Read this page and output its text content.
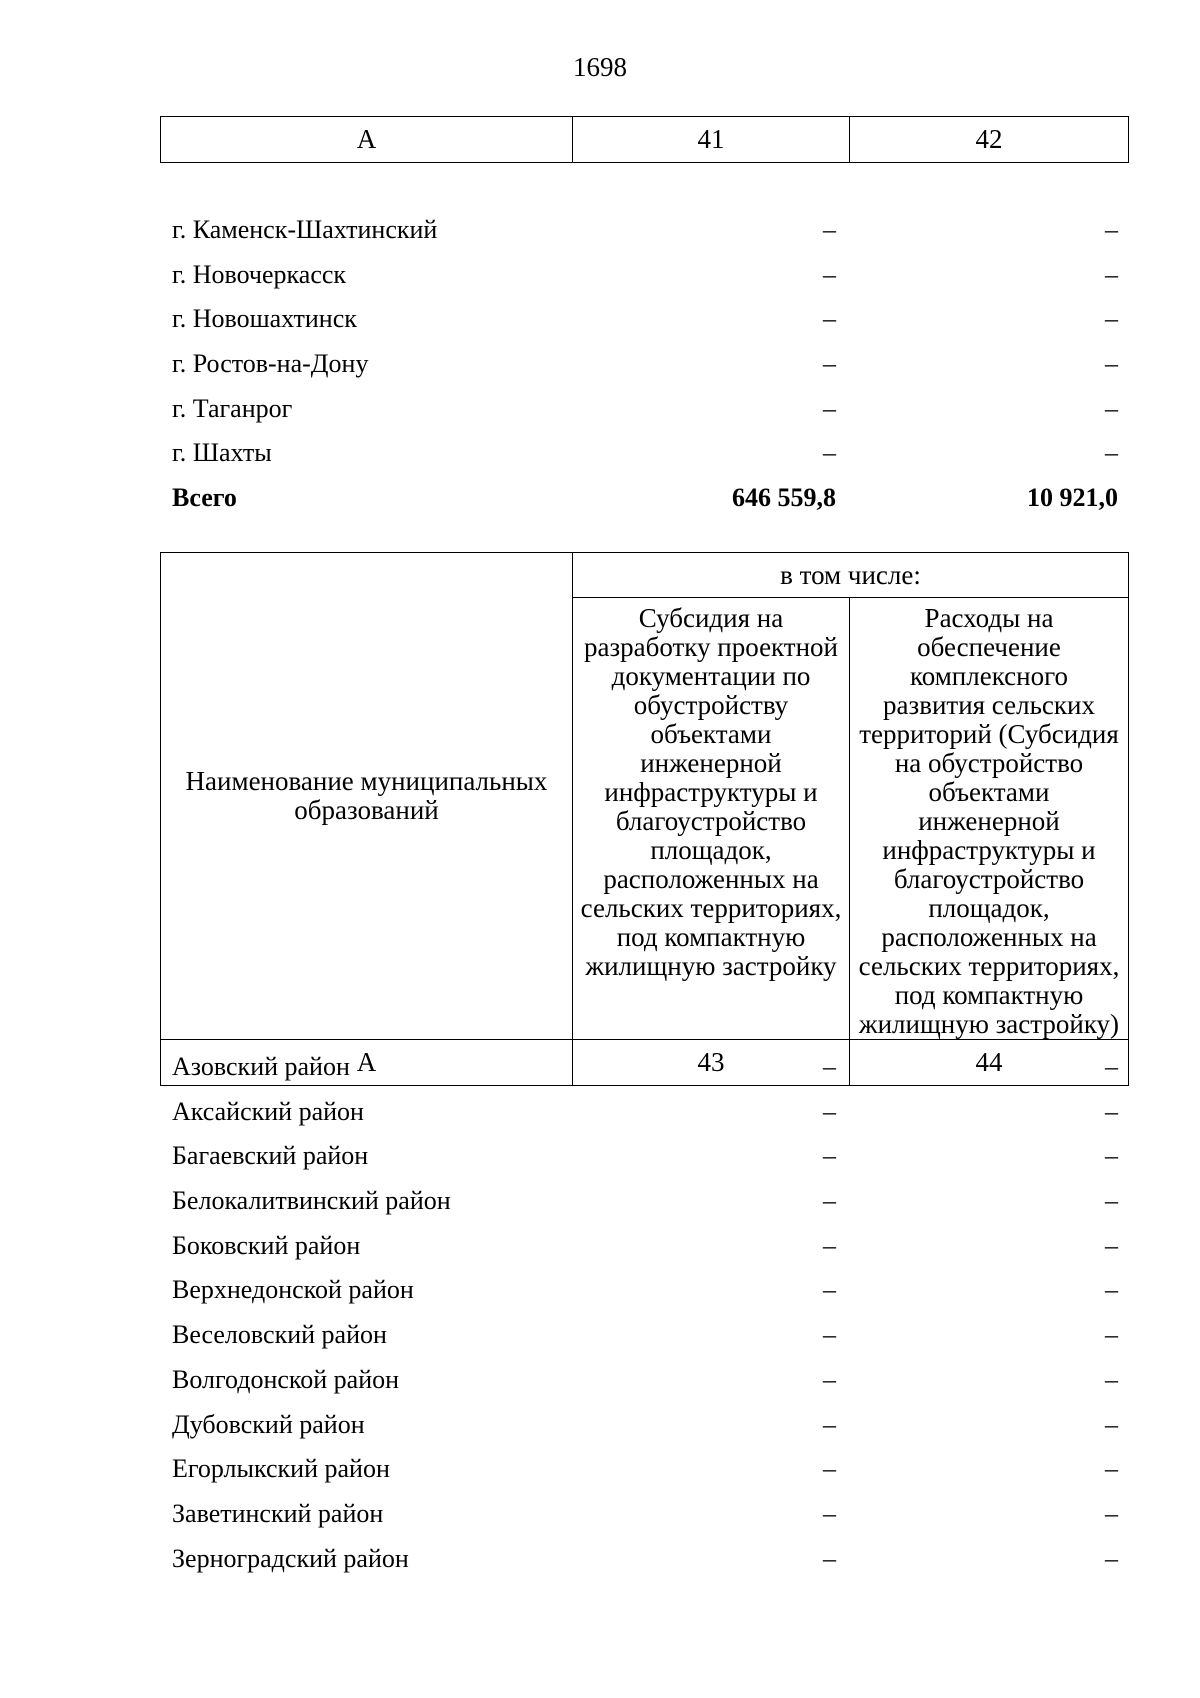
1698
А	41	42
г. Каменск-Шахтинский	–	–
г. Новочеркасск	–	–
г. Новошахтинск	–	–
г. Ростов-на-Дону	–	–
г. Таганрог	–	–
г. Шахты	–	–
Всего	646 559,8	10 921,0
Наименование муниципальных образований	в том числе:	
	Субсидия на разработку проектной документации по обустройству объектами инженерной инфраструктуры и благоустройство площадок, расположенных на сельских территориях, под компактную жилищную застройку	Расходы на обеспечение комплексного развития сельских территорий (Субсидия на обустройство объектами инженерной инфраструктуры и благоустройство площадок, расположенных на сельских территориях, под компактную жилищную застройку)
А	43	44
Азовский район	–	–
Аксайский район	–	–
Багаевский район	–	–
Белокалитвинский район	–	–
Боковский район	–	–
Верхнедонской район	–	–
Веселовский район	–	–
Волгодонской район	–	–
Дубовский район	–	–
Егорлыкский район	–	–
Заветинский район	–	–
Зерноградский район	–	–
